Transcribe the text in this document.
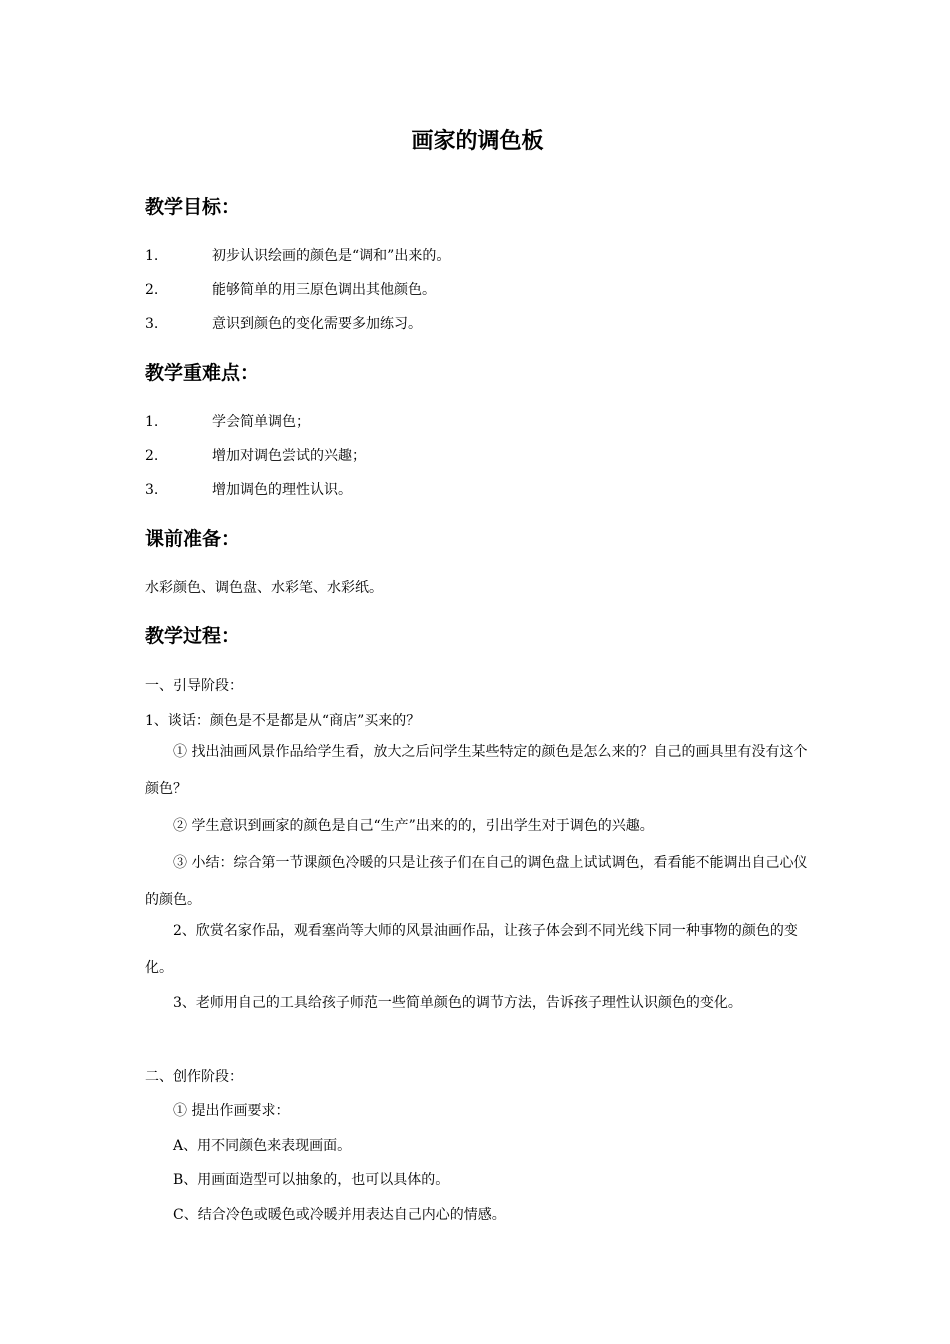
画家的调色板
教学目标：
1.	初步认识绘画的颜色是“调和”出来的。
2.	能够简单的用三原色调出其他颜色。
3.	意识到颜色的变化需要多加练习。
教学重难点：
1.	学会简单调色；
2.	增加对调色尝试的兴趣；
3.	增加调色的理性认识。
课前准备：
水彩颜色、调色盘、水彩笔、水彩纸。
教学过程：
一、引导阶段：
1、谈话：颜色是不是都是从“商店”买来的？
① 找出油画风景作品给学生看，放大之后问学生某些特定的颜色是怎么来的？自己的画具里有没有这个颜色？
② 学生意识到画家的颜色是自己“生产”出来的的，引出学生对于调色的兴趣。
③ 小结：综合第一节课颜色冷暖的只是让孩子们在自己的调色盘上试试调色，看看能不能调出自己心仪的颜色。
2、欣赏名家作品，观看塞尚等大师的风景油画作品，让孩子体会到不同光线下同一种事物的颜色的变化。
3、老师用自己的工具给孩子师范一些简单颜色的调节方法，告诉孩子理性认识颜色的变化。
二、创作阶段：
① 提出作画要求：
A、用不同颜色来表现画面。
B、用画面造型可以抽象的，也可以具体的。
C、结合冷色或暖色或冷暖并用表达自己内心的情感。
